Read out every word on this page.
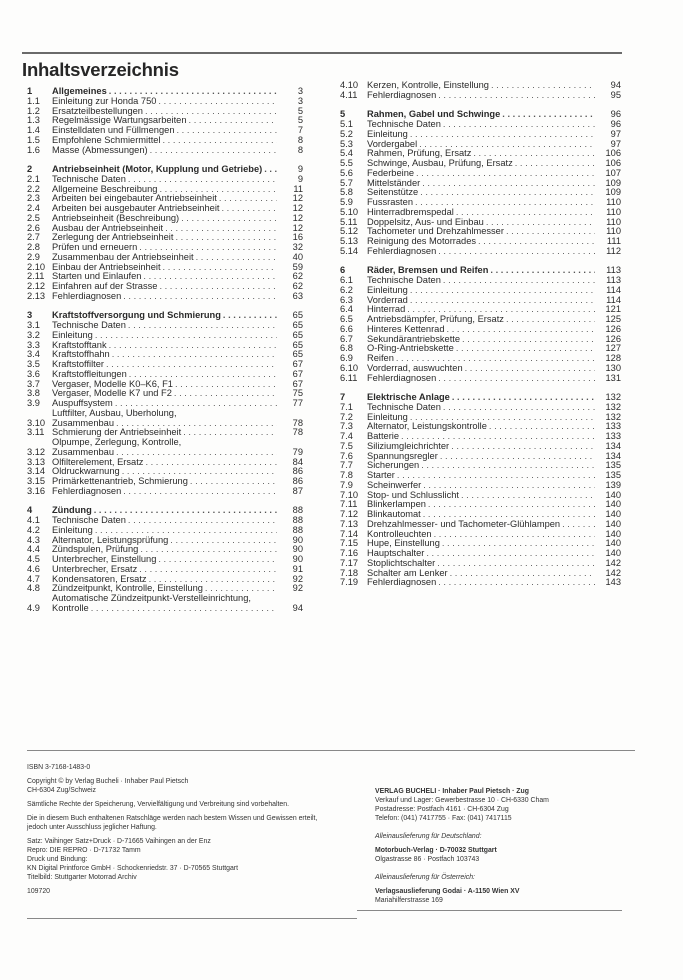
Inhaltsverzeichnis
1	Allgemeines . . .	3
1.1	Einleitung zur Honda 750 . . .	3
1.2	Ersatzteilbestellungen . . .	5
1.3	Regelmässige Wartungsarbeiten . . .	5
1.4	Einstelldaten und Füllmengen . . .	7
1.5	Empfohlene Schmiermittel . . .	8
1.6	Masse (Abmessungen) . . .	8
2	Antriebseinheit (Motor, Kupplung und Getriebe) . . .	9
2.1	Technische Daten . . .	9
2.2	Allgemeine Beschreibung . . .	11
2.3	Arbeiten bei eingebauter Antriebseinheit . . .	12
2.4	Arbeiten bei ausgebauter Antriebseinheit . . .	12
2.5	Antriebseinheit (Beschreibung) . . .	12
2.6	Ausbau der Antriebseinheit . . .	12
2.7	Zerlegung der Antriebseinheit . . .	16
2.8	Prüfen und erneuern . . .	32
2.9	Zusammenbau der Antriebseinheit . . .	40
2.10 Einbau der Antriebseinheit . . .	59
2.11 Starten und Einlaufen . . .	62
2.12 Einfahren auf der Strasse . . .	62
2.13 Fehlerdiagnosen . . .	63
3	Kraftstoffversorgung und Schmierung . . .	65
3.1	Technische Daten . . .	65
3.2	Einleitung . . .	65
3.3	Kraftstofftank . . .	65
3.4	Kraftstoffhahn . . .	65
3.5	Kraftstoffilter . . .	67
3.6	Kraftstoffleitungen . . .	67
3.7	Vergaser, Modelle K0–K6, F1 . . .	67
3.8	Vergaser, Modelle K7 und F2 . . .	75
3.9	Auspuffsystem . . .	77
3.10
Luftfilter, Ausbau, Überholung,
Zusammenbau . . .	78
3.11 Schmierung der Antriebseinheit . . .	78
3.12
Ölpumpe, Zerlegung, Kontrolle,
Zusammenbau . . .	79
3.13 Ölfilterelement, Ersatz . . .	84
3.14 Öldruckwarnung . . .	86
3.15 Primärkettenantrieb, Schmierung . . .	86
3.16 Fehlerdiagnosen . . .	87
4	Zündung . . .	88
4.1	Technische Daten . . .	88
4.2	Einleitung . . .	88
4.3	Alternator, Leistungsprüfung . . .	90
4.4	Zündspulen, Prüfung . . .	90
4.5	Unterbrecher, Einstellung . . .	90
4.6	Unterbrecher, Ersatz . . .	91
4.7	Kondensatoren, Ersatz . . .	92
4.8	Zündzeitpunkt, Kontrolle, Einstellung . . .	92
4.9
Automatische Zündzeitpunkt-Verstelleinrichtung,
Kontrolle . . .	94
4.10 Kerzen, Kontrolle, Einstellung . . .	94
4.11	Fehlerdiagnosen . . .	95
5	Rahmen, Gabel und Schwinge . . .	96
5.1	Technische Daten . . .	96
5.2	Einleitung . . .	97
5.3	Vordergabel . . .	97
5.4	Rahmen, Prüfung, Ersatz . . .	106
5.5	Schwinge, Ausbau, Prüfung, Ersatz . . .	106
5.6	Federbeine . . .	107
5.7	Mittelständer . . .	109
5.8	Seitenstütze . . .	109
5.9	Fussrasten . . .	110
5.10 Hinterradbremspedal . . .	110
5.11	Doppelsitz, Aus- und Einbau . . .	110
5.12 Tachometer und Drehzahlmesser . . .	110
5.13 Reinigung des Motorrades . . .	111
5.14 Fehlerdiagnosen . . .	112
6	Räder, Bremsen und Reifen . . .	113
6.1	Technische Daten . . .	113
6.2	Einleitung . . .	114
6.3	Vorderrad . . .	114
6.4	Hinterrad . . .	121
6.5	Antriebsdämpfer, Prüfung, Ersatz . . .	125
6.6	Hinteres Kettenrad . . .	126
6.7	Sekundärantriebskette . . .	126
6.8	O-Ring-Antriebskette . . .	127
6.9	Reifen . . .	128
6.10 Vorderrad, auswuchten . . .	130
6.11	Fehlerdiagnosen . . .	131
7	Elektrische Anlage . . .	132
7.1	Technische Daten . . .	132
7.2	Einleitung . . .	132
7.3	Alternator, Leistungskontrolle . . .	133
7.4	Batterie . . .	133
7.5	Siliziumgleichrichter . . .	134
7.6	Spannungsregler . . .	134
7.7	Sicherungen . . .	135
7.8	Starter . . .	135
7.9	Scheinwerfer . . .	139
7.10 Stop- und Schlusslicht . . .	140
7.11	Blinkerlampen . . .	140
7.12 Blinkautomat . . .	140
7.13 Drehzahlmesser- und Tachometer-Glühlampen . . .	140
7.14 Kontrolleuchten . . .	140
7.15 Hupe, Einstellung . . .	140
7.16 Hauptschalter . . .	140
7.17 Stoplichtschalter . . .	142
7.18 Schalter am Lenker . . .	142
7.19 Fehlerdiagnosen . . .	143

ISBN 3-7168-1483-0

Copyright © by Verlag Bucheli · Inhaber Paul Pietsch
CH-6304 Zug/Schweiz

Sämtliche Rechte der Speicherung, Vervielfältigung und Verbreitung sind vorbehalten.

Die in diesem Buch enthaltenen Ratschläge werden nach bestem Wissen und Gewissen erteilt,
jedoch unter Ausschluss jeglicher Haftung.

Satz: Vaihinger Satz+Druck · D-71665 Vaihingen an der Enz
Repro: DIE REPRO · D-71732 Tamm
Druck und Bindung:
KN Digital Printforce GmbH · Schockenriedstr. 37 · D-70565 Stuttgart
Titelbild: Stuttgarter Motorrad Archiv

109720

VERLAG BUCHELI · Inhaber Paul Pietsch · Zug
Verkauf und Lager: Gewerbestrasse 10 · CH-6330 Cham
Postadresse: Postfach 4161 · CH-6304 Zug
Telefon: (041) 7417755 · Fax: (041) 7417115

Alleinauslieferung für Deutschland:

Motorbuch-Verlag · D-70032 Stuttgart
Olgastrasse 86 · Postfach 103743

Alleinauslieferung für Österreich:

Verlagsauslieferung Godai · A-1150 Wien XV
Mariahilferstrasse 169
